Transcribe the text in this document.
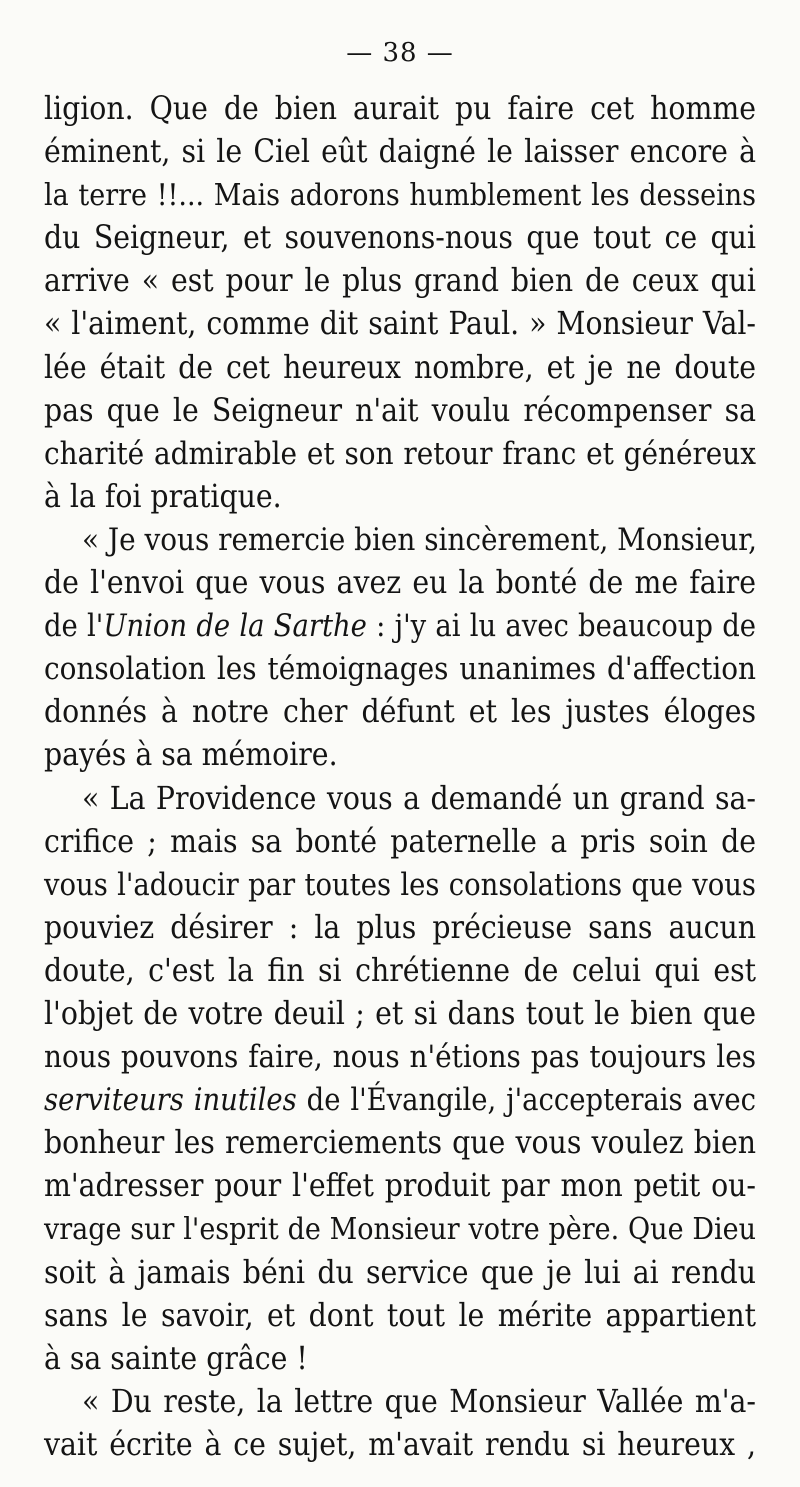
— 38 —
ligion. Que de bien aurait pu faire cet homme
éminent, si le Ciel eût daigné le laisser encore à
la terre !!... Mais adorons humblement les desseins
du Seigneur, et souvenons-nous que tout ce qui
arrive « est pour le plus grand bien de ceux qui
« l'aiment, comme dit saint Paul. » Monsieur Val-
lée était de cet heureux nombre, et je ne doute
pas que le Seigneur n'ait voulu récompenser sa
charité admirable et son retour franc et généreux
à la foi pratique.
« Je vous remercie bien sincèrement, Monsieur,
de l'envoi que vous avez eu la bonté de me faire
de l'Union de la Sarthe : j'y ai lu avec beaucoup de
consolation les témoignages unanimes d'affection
donnés à notre cher défunt et les justes éloges
payés à sa mémoire.
« La Providence vous a demandé un grand sa-
crifice ; mais sa bonté paternelle a pris soin de
vous l'adoucir par toutes les consolations que vous
pouviez désirer : la plus précieuse sans aucun
doute, c'est la fin si chrétienne de celui qui est
l'objet de votre deuil ; et si dans tout le bien que
nous pouvons faire, nous n'étions pas toujours les
serviteurs inutiles de l'Évangile, j'accepterais avec
bonheur les remerciements que vous voulez bien
m'adresser pour l'effet produit par mon petit ou-
vrage sur l'esprit de Monsieur votre père. Que Dieu
soit à jamais béni du service que je lui ai rendu
sans le savoir, et dont tout le mérite appartient
à sa sainte grâce !
« Du reste, la lettre que Monsieur Vallée m'a-
vait écrite à ce sujet, m'avait rendu si heureux ,
